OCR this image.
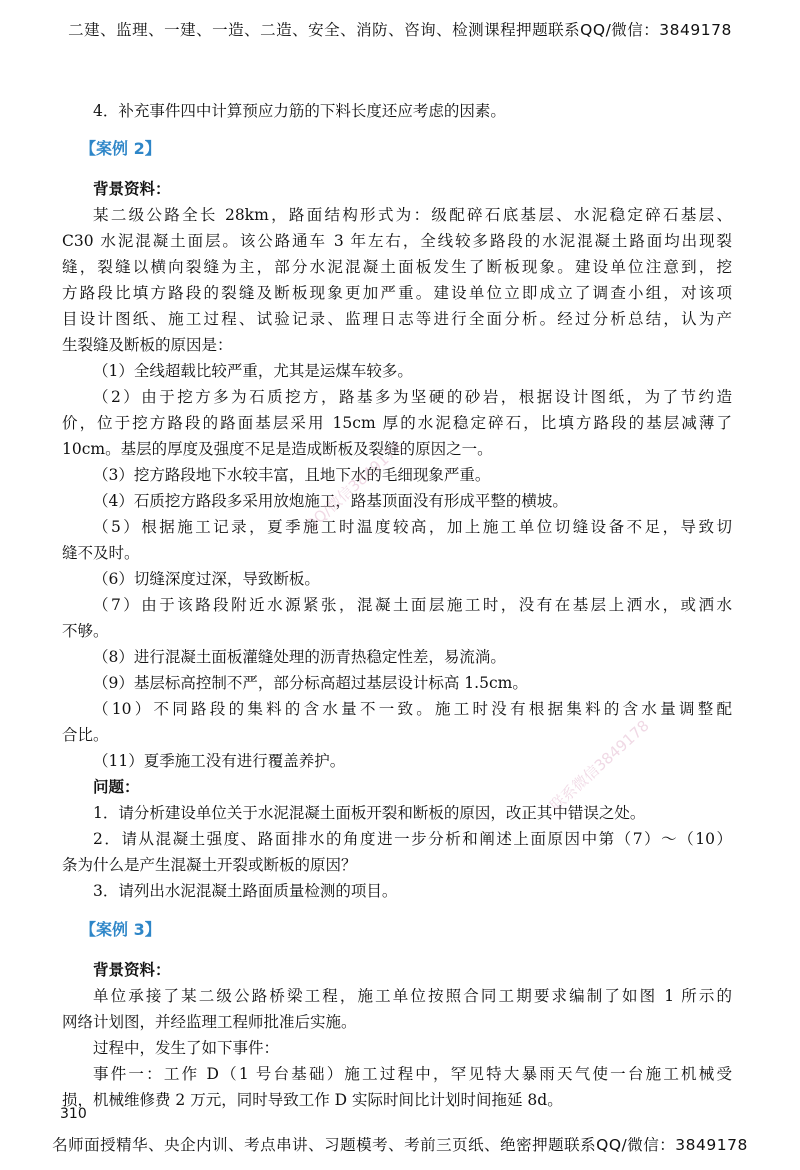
二建、监理、一建、一造、二造、安全、消防、咨询、检测课程押题联系QQ/微信：3849178
4．补充事件四中计算预应力筋的下料长度还应考虑的因素。
【案例 2】
背景资料：
某二级公路全长 28km，路面结构形式为：级配碎石底基层、水泥稳定碎石基层、
C30 水泥混凝土面层。该公路通车 3 年左右，全线较多路段的水泥混凝土路面均出现裂
缝，裂缝以横向裂缝为主，部分水泥混凝土面板发生了断板现象。建设单位注意到，挖
方路段比填方路段的裂缝及断板现象更加严重。建设单位立即成立了调查小组，对该项
目设计图纸、施工过程、试验记录、监理日志等进行全面分析。经过分析总结，认为产
生裂缝及断板的原因是：
（1）全线超载比较严重，尤其是运煤车较多。
（2）由于挖方多为石质挖方，路基多为坚硬的砂岩，根据设计图纸，为了节约造
价，位于挖方路段的路面基层采用 15cm 厚的水泥稳定碎石，比填方路段的基层减薄了
10cm。基层的厚度及强度不足是造成断板及裂缝的原因之一。
（3）挖方路段地下水较丰富，且地下水的毛细现象严重。
（4）石质挖方路段多采用放炮施工，路基顶面没有形成平整的横坡。
（5）根据施工记录，夏季施工时温度较高，加上施工单位切缝设备不足，导致切
缝不及时。
（6）切缝深度过深，导致断板。
（7）由于该路段附近水源紧张，混凝土面层施工时，没有在基层上洒水，或洒水
不够。
（8）进行混凝土面板灌缝处理的沥青热稳定性差，易流淌。
（9）基层标高控制不严，部分标高超过基层设计标高 1.5cm。
（10）不同路段的集料的含水量不一致。施工时没有根据集料的含水量调整配
合比。
（11）夏季施工没有进行覆盖养护。
问题：
1．请分析建设单位关于水泥混凝土面板开裂和断板的原因，改正其中错误之处。
2．请从混凝土强度、路面排水的角度进一步分析和阐述上面原因中第（7）～（10）
条为什么是产生混凝土开裂或断板的原因？
3．请列出水泥混凝土路面质量检测的项目。
【案例 3】
背景资料：
单位承接了某二级公路桥梁工程，施工单位按照合同工期要求编制了如图 1 所示的
网络计划图，并经监理工程师批准后实施。
过程中，发生了如下事件：
事件一：工作 D（1 号台基础）施工过程中，罕见特大暴雨天气使一台施工机械受
损，机械维修费 2 万元，同时导致工作 D 实际时间比计划时间拖延 8d。
310
QQ/微信3849178
联系微信3849178
名师面授精华、央企内训、考点串讲、习题模考、考前三页纸、绝密押题联系QQ/微信：3849178
